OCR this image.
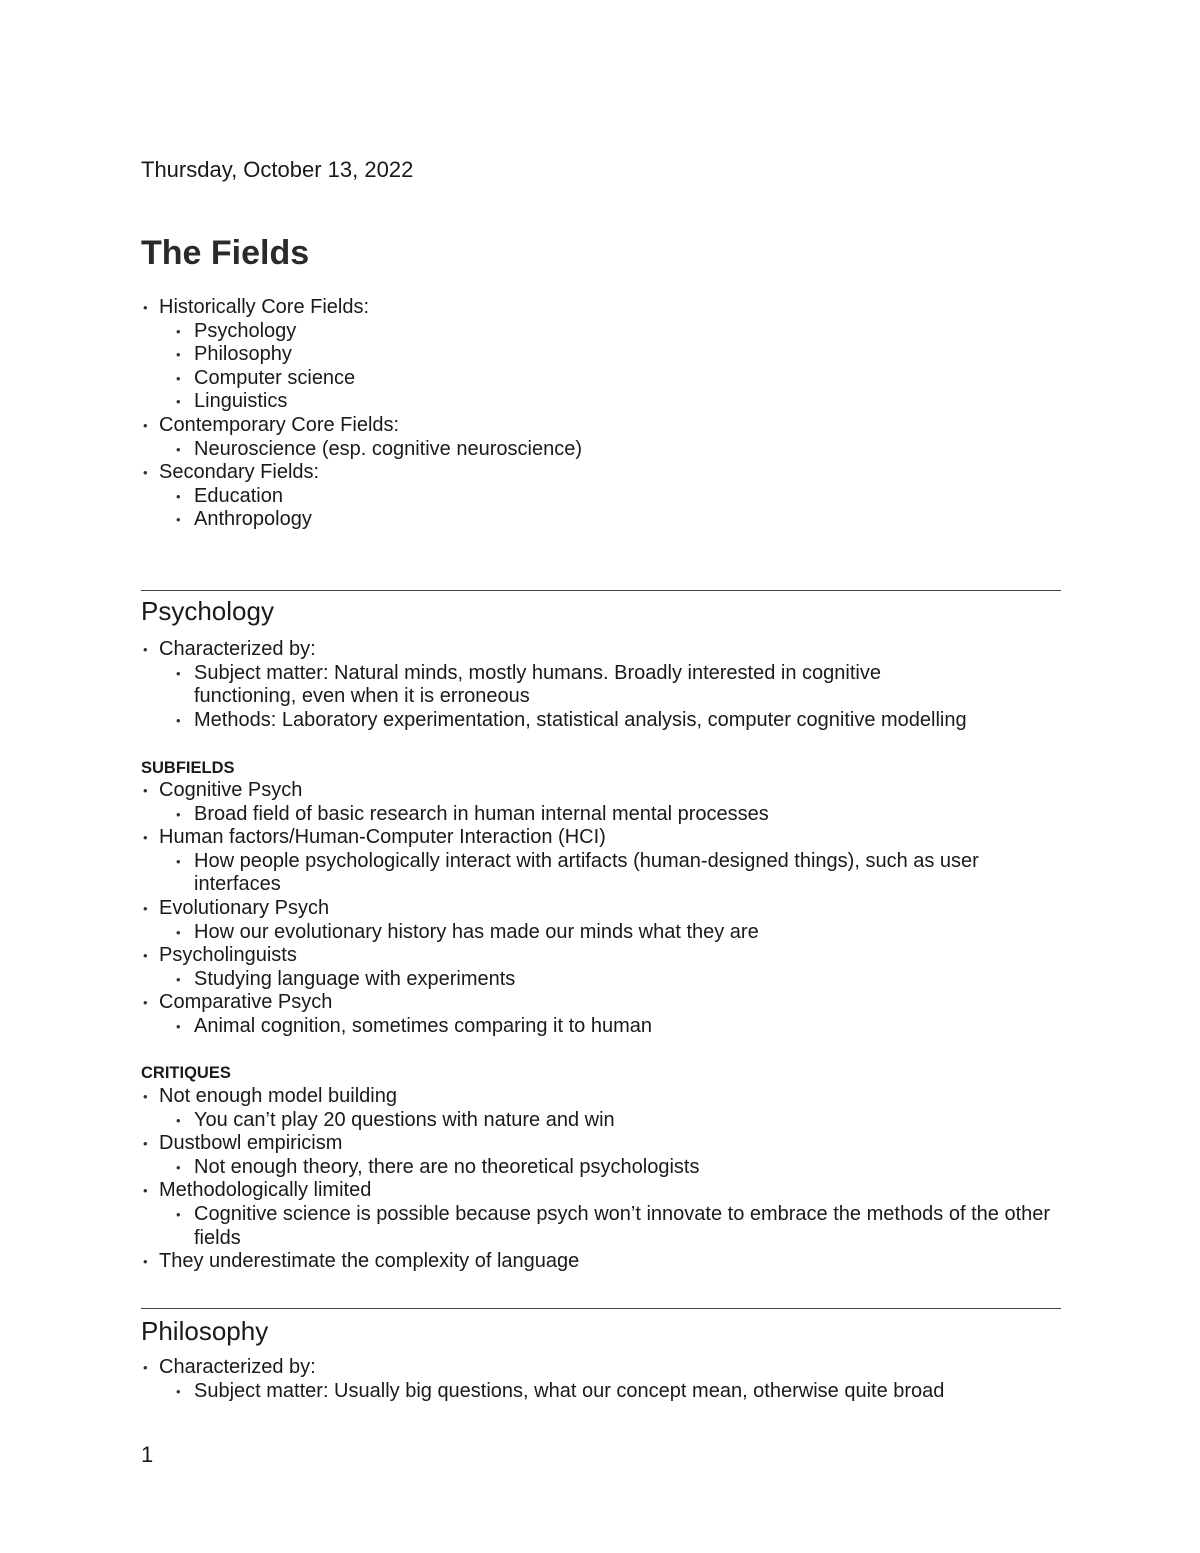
Thursday, October 13, 2022

The Fields
• Historically Core Fields:
• Psychology
• Philosophy
• Computer science
• Linguistics
• Contemporary Core Fields:
• Neuroscience (esp. cognitive neuroscience)
• Secondary Fields:
• Education
• Anthropology
Psychology
• Characterized by:
• Subject matter: Natural minds, mostly humans. Broadly interested in cognitive functioning, even when it is erroneous
• Methods: Laboratory experimentation, statistical analysis, computer cognitive modelling

SUBFIELDS

• Cognitive Psych
• Broad field of basic research in human internal mental processes
• Human factors/Human-Computer Interaction (HCI)
• How people psychologically interact with artifacts (human-designed things), such as user interfaces
• Evolutionary Psych
• How our evolutionary history has made our minds what they are
• Psycholinguists
• Studying language with experiments
• Comparative Psych
• Animal cognition, sometimes comparing it to human

CRITIQUES

• Not enough model building
• You can’t play 20 questions with nature and win
• Dustbowl empiricism
• Not enough theory, there are no theoretical psychologists
• Methodologically limited
• Cognitive science is possible because psych won’t innovate to embrace the methods of the other fields
• They underestimate the complexity of language
Philosophy
• Characterized by:
• Subject matter: Usually big questions, what our concept mean, otherwise quite broad
1
